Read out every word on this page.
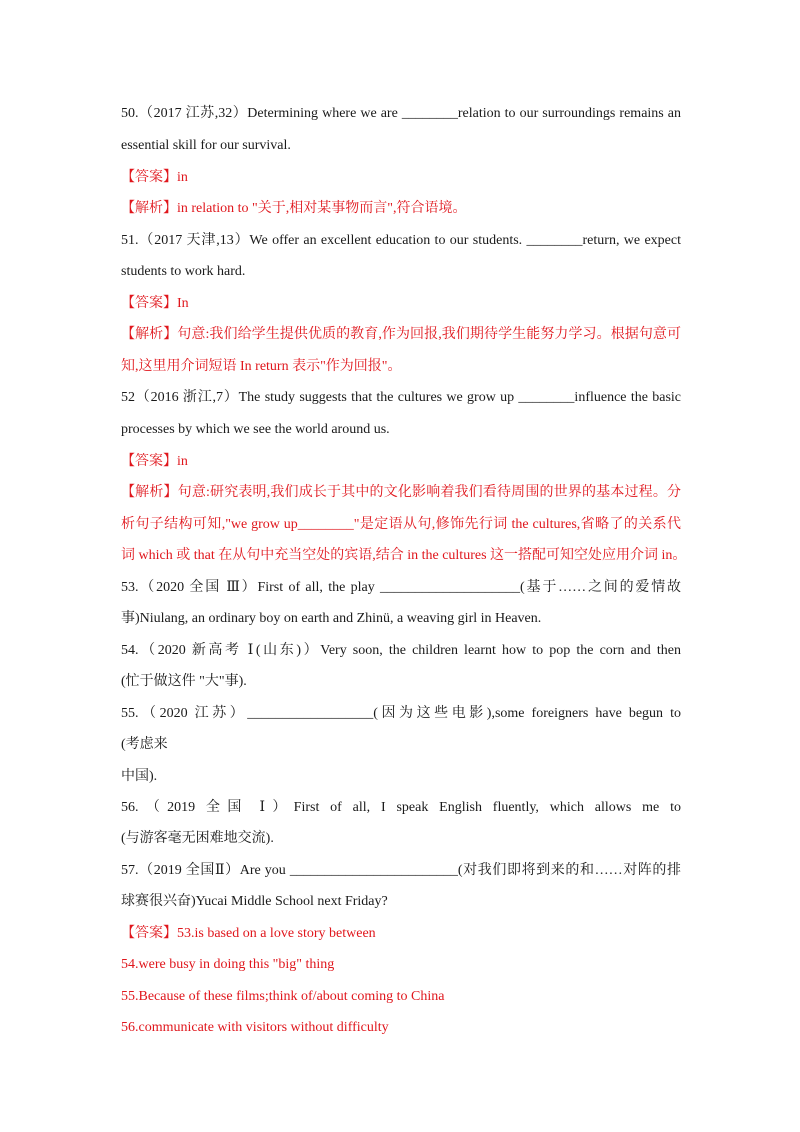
50.（2017 江苏,32）Determining where we are ________relation to our surroundings remains an
essential skill for our survival.
【答案】in
【解析】in relation to "关于,相对某事物而言",符合语境。
51.（2017 天津,13）We offer an excellent education to our students. ________return, we expect
students to work hard.
【答案】In
【解析】句意:我们给学生提供优质的教育,作为回报,我们期待学生能努力学习。根据句意可
知,这里用介词短语 In return 表示"作为回报"。
52（2016 浙江,7）The study suggests that the cultures we grow up ________influence the basic
processes by which we see the world around us.
【答案】in
【解析】句意:研究表明,我们成长于其中的文化影响着我们看待周围的世界的基本过程。分
析句子结构可知,"we grow up________"是定语从句,修饰先行词 the cultures,省略了的关系代
词 which 或 that 在从句中充当空处的宾语,结合 in the cultures 这一搭配可知空处应用介词 in。
53.（2020 全国 Ⅲ）First of all, the play ____________________(基于……之间的爱情故
事)Niulang, an ordinary boy on earth and Zhinü, a weaving girl in Heaven.
54.（2020 新高考 Ⅰ(山东)）Very soon, the children learnt how to pop the corn and then
(忙于做这件 "大"事).
55.（2020 江苏）__________________(因为这些电影),some foreigners have begun to
(考虑来
中国).
56.（2019 全国 Ⅰ）First of all, I speak English fluently, which allows me to
(与游客毫无困难地交流).
57.（2019 全国Ⅱ）Are you ________________________(对我们即将到来的和……对阵的排
球赛很兴奋)Yucai Middle School next Friday?
【答案】53.is based on a love story between
54.were busy in doing this "big" thing
55.Because of these films;think of/about coming to China
56.communicate with visitors without difficulty
